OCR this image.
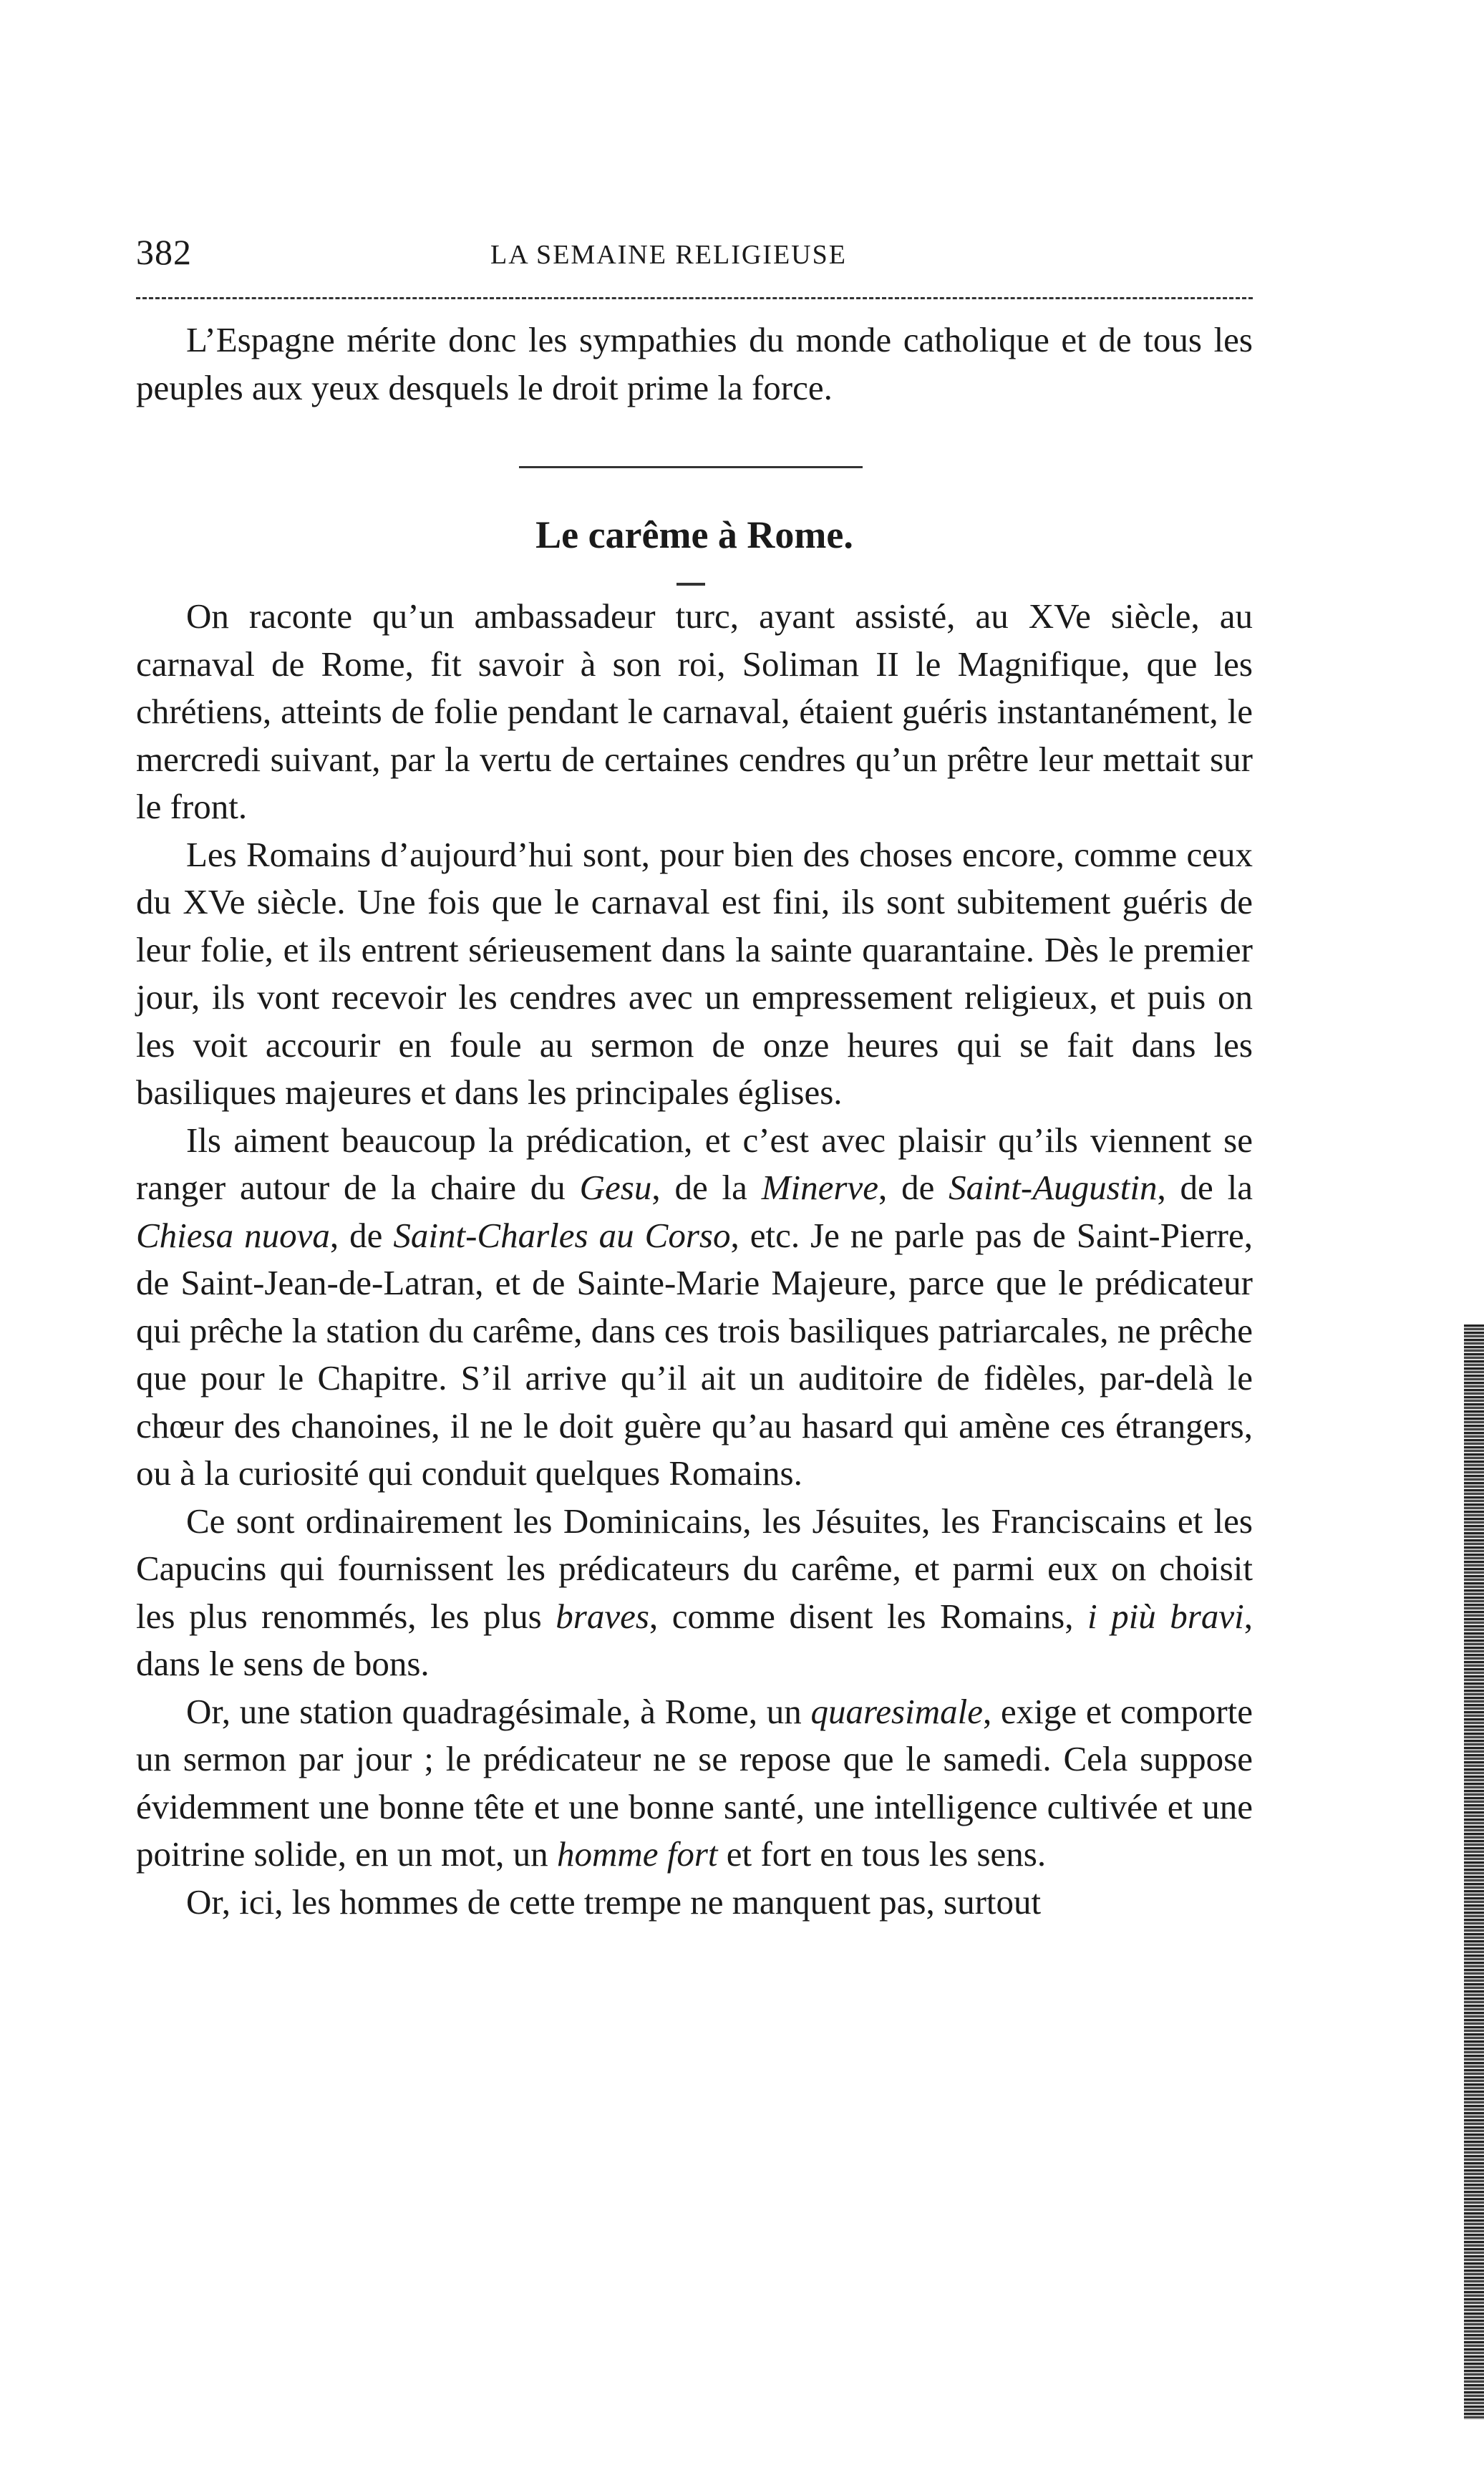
382	LA SEMAINE RELIGIEUSE

L’Espagne mérite donc les sympathies du monde catholique et de tous les peuples aux yeux desquels le droit prime la force.

Le carême à Rome.

On raconte qu’un ambassadeur turc, ayant assisté, au XVe siècle, au carnaval de Rome, fit savoir à son roi, Soliman II le Magnifique, que les chrétiens, atteints de folie pendant le carnaval, étaient guéris instantanément, le mercredi suivant, par la vertu de certaines cendres qu’un prêtre leur mettait sur le front.

Les Romains d’aujourd’hui sont, pour bien des choses encore, comme ceux du XVe siècle. Une fois que le carnaval est fini, ils sont subitement guéris de leur folie, et ils entrent sérieusement dans la sainte quarantaine. Dès le premier jour, ils vont recevoir les cendres avec un empressement religieux, et puis on les voit accourir en foule au sermon de onze heures qui se fait dans les basiliques majeures et dans les principales églises.

Ils aiment beaucoup la prédication, et c’est avec plaisir qu’ils viennent se ranger autour de la chaire du Gesu, de la Minerve, de Saint-Augustin, de la Chiesa nuova, de Saint-Charles au Corso, etc. Je ne parle pas de Saint-Pierre, de Saint-Jean-de-Latran, et de Sainte-Marie Majeure, parce que le prédicateur qui prêche la station du carême, dans ces trois basiliques patriarcales, ne prêche que pour le Chapitre. S’il arrive qu’il ait un auditoire de fidèles, par-delà le chœur des chanoines, il ne le doit guère qu’au hasard qui amène ces étrangers, ou à la curiosité qui conduit quelques Romains.

Ce sont ordinairement les Dominicains, les Jésuites, les Franciscains et les Capucins qui fournissent les prédicateurs du carême, et parmi eux on choisit les plus renommés, les plus braves, comme disent les Romains, i più bravi, dans le sens de bons.

Or, une station quadragésimale, à Rome, un quaresimale, exige et comporte un sermon par jour ; le prédicateur ne se repose que le samedi. Cela suppose évidemment une bonne tête et une bonne santé, une intelligence cultivée et une poitrine solide, en un mot, un homme fort et fort en tous les sens.

Or, ici, les hommes de cette trempe ne manquent pas, surtout
